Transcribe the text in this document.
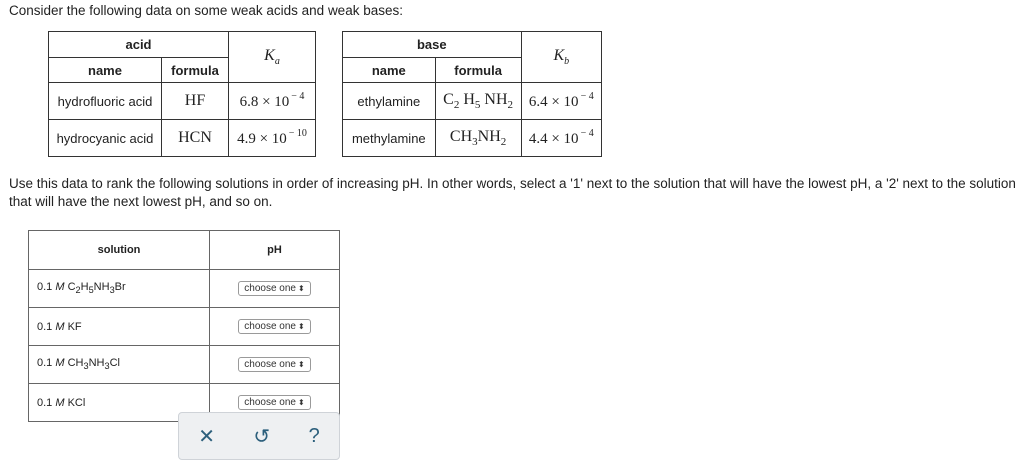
Consider the following data on some weak acids and weak bases:
acid		$K_a$
name	formula	
hydrofluoric acid	HF	6.8 × 10 $^{- 4}$
hydrocyanic acid	HCN	4.9 × 10 $^{- 10}$
base		$K_b$
name	formula	
ethylamine	$C_2$ $H_5$ $NH_2$	6.4 × 10 $^{- 4}$
methylamine	$CH_3NH_2$	4.4 × 10 $^{- 4}$
Use this data to rank the following solutions in order of increasing pH. In other words, select a '1' next to the solution that will have the lowest pH, a '2' next to the solution that will have the next lowest pH, and so on.
solution	pH
0.1 M $C_2H_5NH_3Br$	choose one ⬍
0.1 M KF	choose one ⬍
0.1 M $CH_3NH_3Cl$	choose one ⬍
0.1 M KCl	choose one ⬍
✕ ↺ ?
